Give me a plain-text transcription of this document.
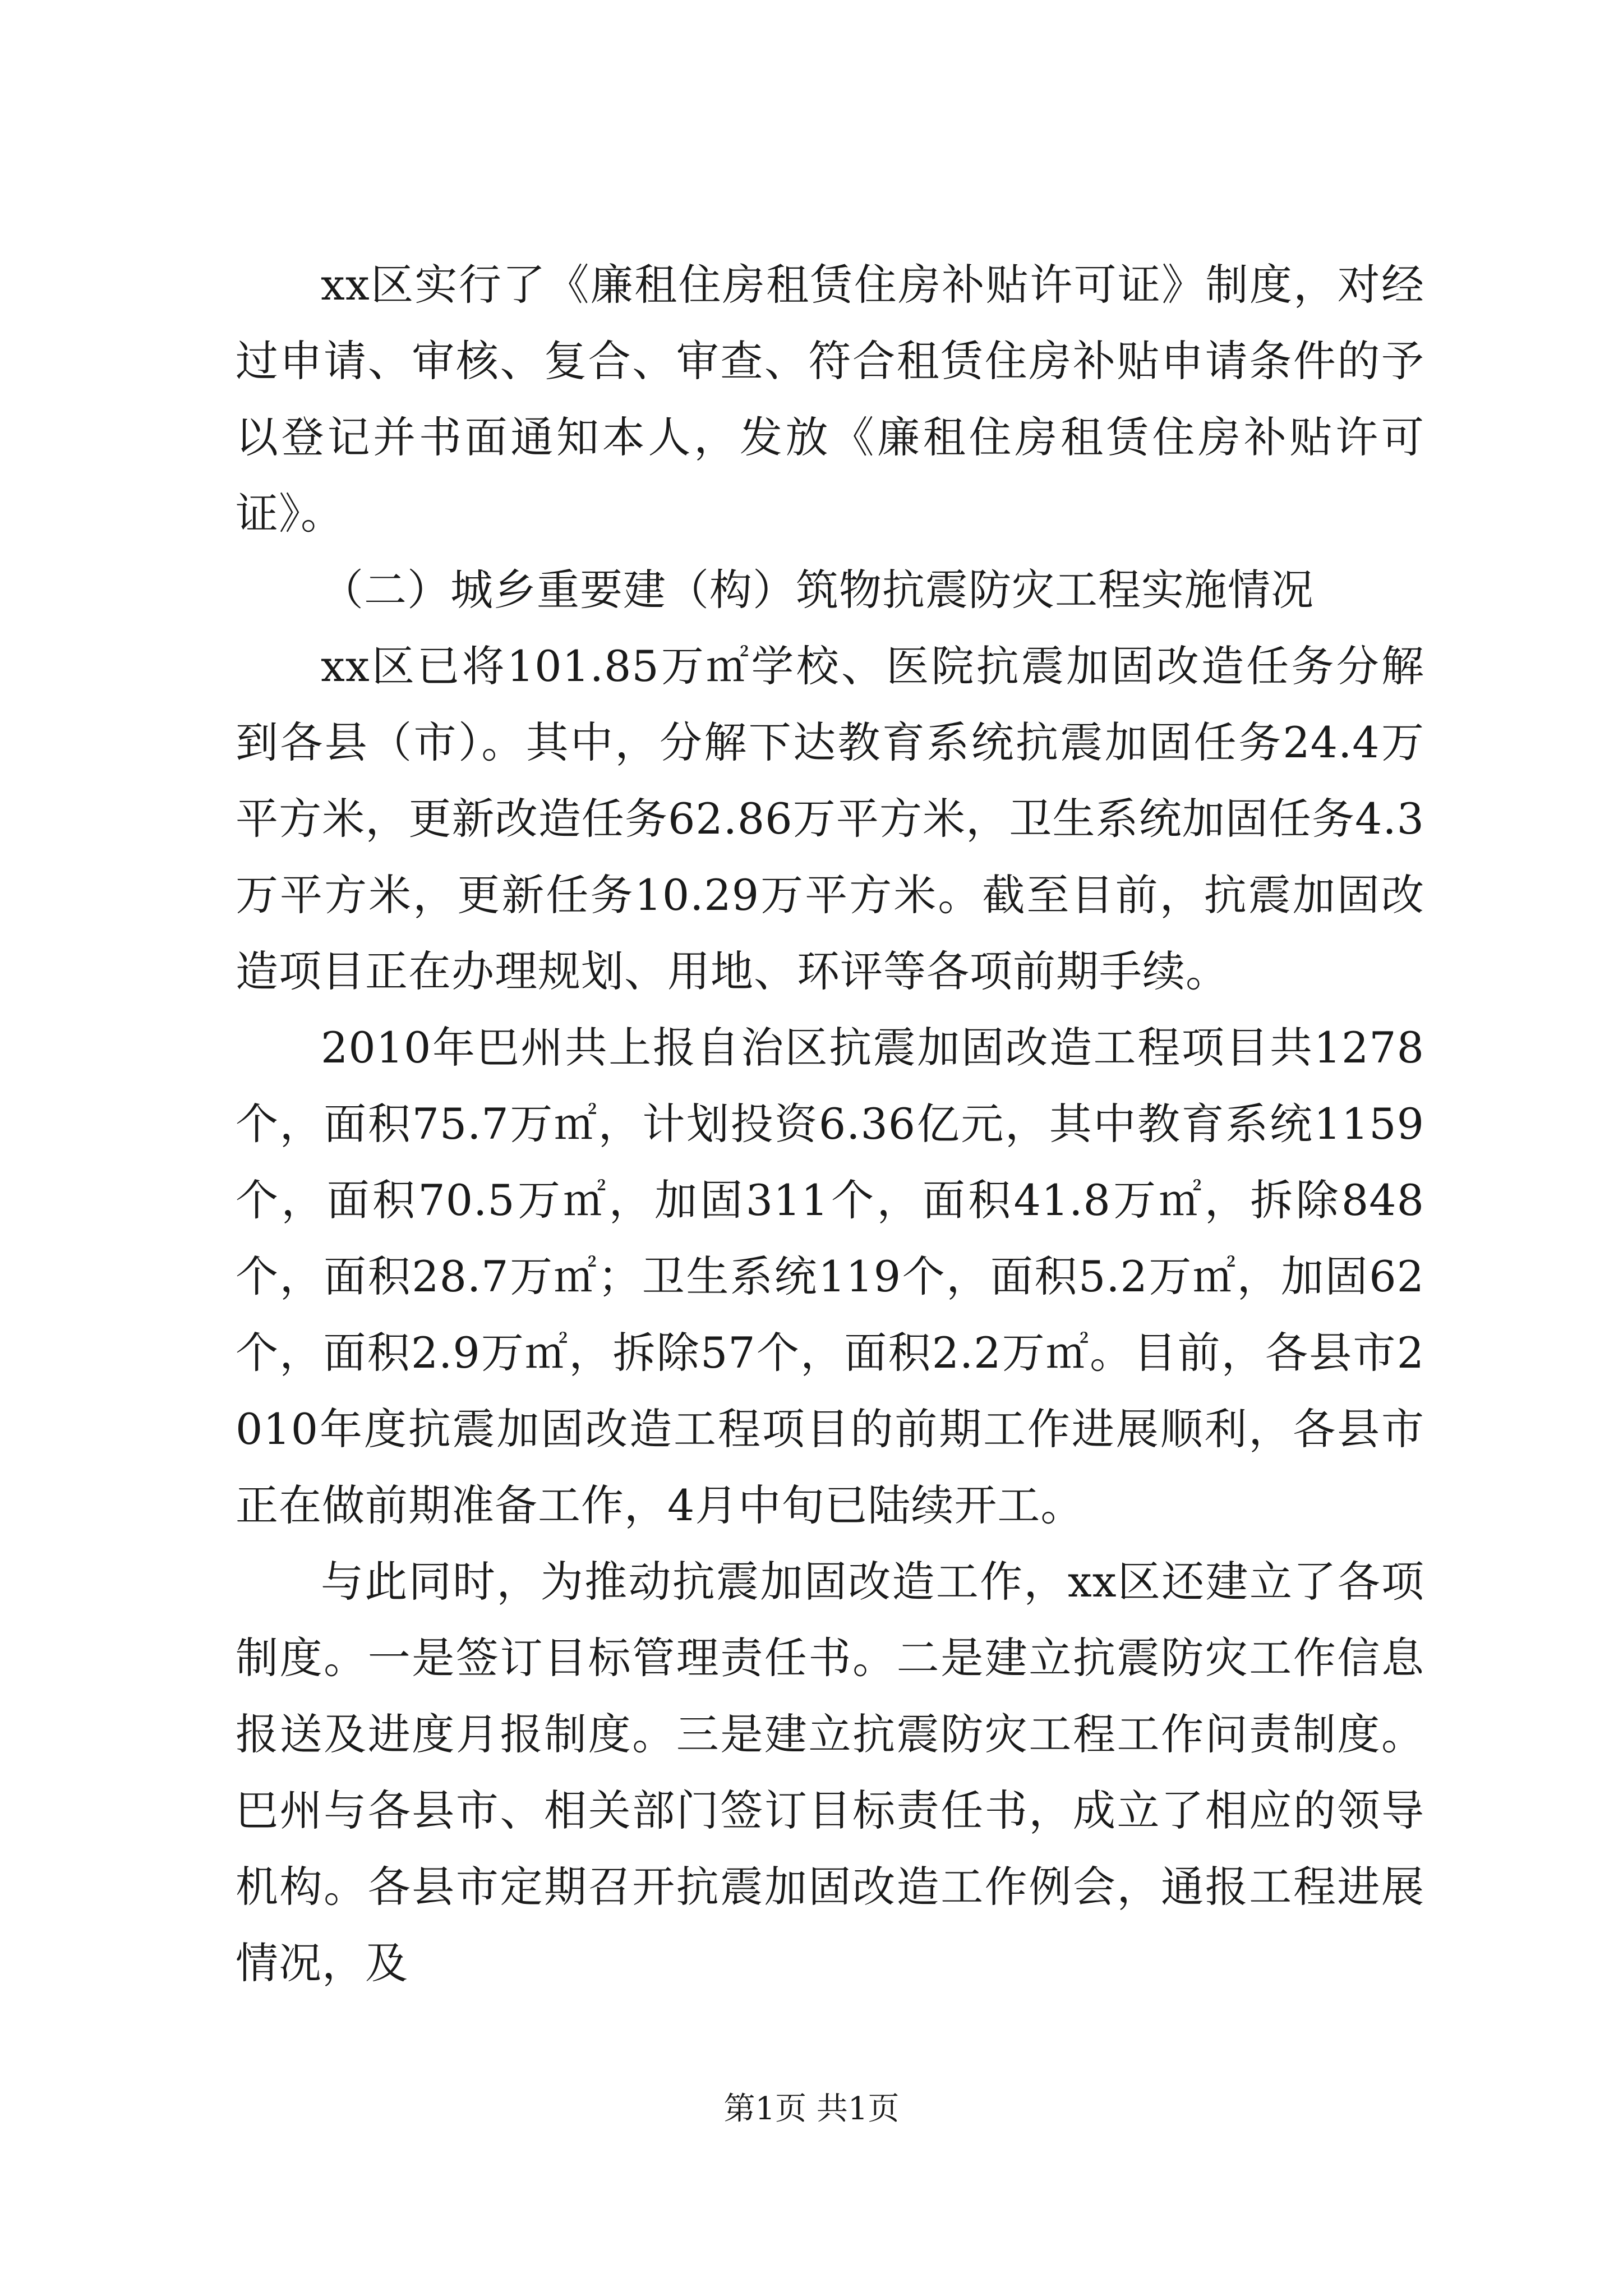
xx区实行了《廉租住房租赁住房补贴许可证》制度，对经过申请、审核、复合、审查、符合租赁住房补贴申请条件的予以登记并书面通知本人，发放《廉租住房租赁住房补贴许可证》。

（二）城乡重要建（构）筑物抗震防灾工程实施情况

xx区已将101.85万㎡学校、医院抗震加固改造任务分解到各县（市）。其中，分解下达教育系统抗震加固任务24.4万平方米，更新改造任务62.86万平方米，卫生系统加固任务4.3万平方米，更新任务10.29万平方米。截至目前，抗震加固改造项目正在办理规划、用地、环评等各项前期手续。

2010年巴州共上报自治区抗震加固改造工程项目共1278个，面积75.7万㎡，计划投资6.36亿元，其中教育系统1159个，面积70.5万㎡，加固311个，面积41.8万㎡，拆除848个，面积28.7万㎡；卫生系统119个，面积5.2万㎡，加固62个，面积2.9万㎡，拆除57个，面积2.2万㎡。目前，各县市2010年度抗震加固改造工程项目的前期工作进展顺利，各县市正在做前期准备工作，4月中旬已陆续开工。

与此同时，为推动抗震加固改造工作，xx区还建立了各项制度。一是签订目标管理责任书。二是建立抗震防灾工作信息报送及进度月报制度。三是建立抗震防灾工程工作问责制度。巴州与各县市、相关部门签订目标责任书，成立了相应的领导机构。各县市定期召开抗震加固改造工作例会，通报工程进展情况，及

第1页 共1页
